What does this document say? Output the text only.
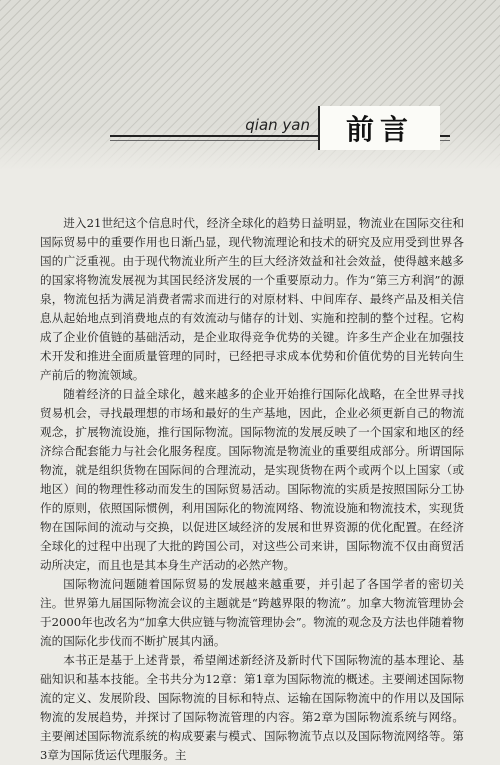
qian yan 前言

进入21世纪这个信息时代，经济全球化的趋势日益明显，物流业在国际交往和国际贸易中的重要作用也日渐凸显，现代物流理论和技术的研究及应用受到世界各国的广泛重视。由于现代物流业所产生的巨大经济效益和社会效益，使得越来越多的国家将物流发展视为其国民经济发展的一个重要原动力。作为“第三方利润”的源泉，物流包括为满足消费者需求而进行的对原材料、中间库存、最终产品及相关信息从起始地点到消费地点的有效流动与储存的计划、实施和控制的整个过程。它构成了企业价值链的基础活动，是企业取得竞争优势的关键。许多生产企业在加强技术开发和推进全面质量管理的同时，已经把寻求成本优势和价值优势的目光转向生产前后的物流领域。

随着经济的日益全球化，越来越多的企业开始推行国际化战略，在全世界寻找贸易机会，寻找最理想的市场和最好的生产基地，因此，企业必须更新自己的物流观念，扩展物流设施，推行国际物流。国际物流的发展反映了一个国家和地区的经济综合配套能力与社会化服务程度。国际物流是物流业的重要组成部分。所谓国际物流，就是组织货物在国际间的合理流动，是实现货物在两个或两个以上国家（或地区）间的物理性移动而发生的国际贸易活动。国际物流的实质是按照国际分工协作的原则，依照国际惯例，利用国际化的物流网络、物流设施和物流技术，实现货物在国际间的流动与交换，以促进区域经济的发展和世界资源的优化配置。在经济全球化的过程中出现了大批的跨国公司，对这些公司来讲，国际物流不仅由商贸活动所决定，而且也是其本身生产活动的必然产物。

国际物流问题随着国际贸易的发展越来越重要，并引起了各国学者的密切关注。世界第九届国际物流会议的主题就是“跨越界限的物流”。加拿大物流管理协会于2000年也改名为“加拿大供应链与物流管理协会”。物流的观念及方法也伴随着物流的国际化步伐而不断扩展其内涵。

本书正是基于上述背景，希望阐述新经济及新时代下国际物流的基本理论、基础知识和基本技能。全书共分为12章：第1章为国际物流的概述。主要阐述国际物流的定义、发展阶段、国际物流的目标和特点、运输在国际物流中的作用以及国际物流的发展趋势，并探讨了国际物流管理的内容。第2章为国际物流系统与网络。主要阐述国际物流系统的构成要素与模式、国际物流节点以及国际物流网络等。第3章为国际货运代理服务。主
